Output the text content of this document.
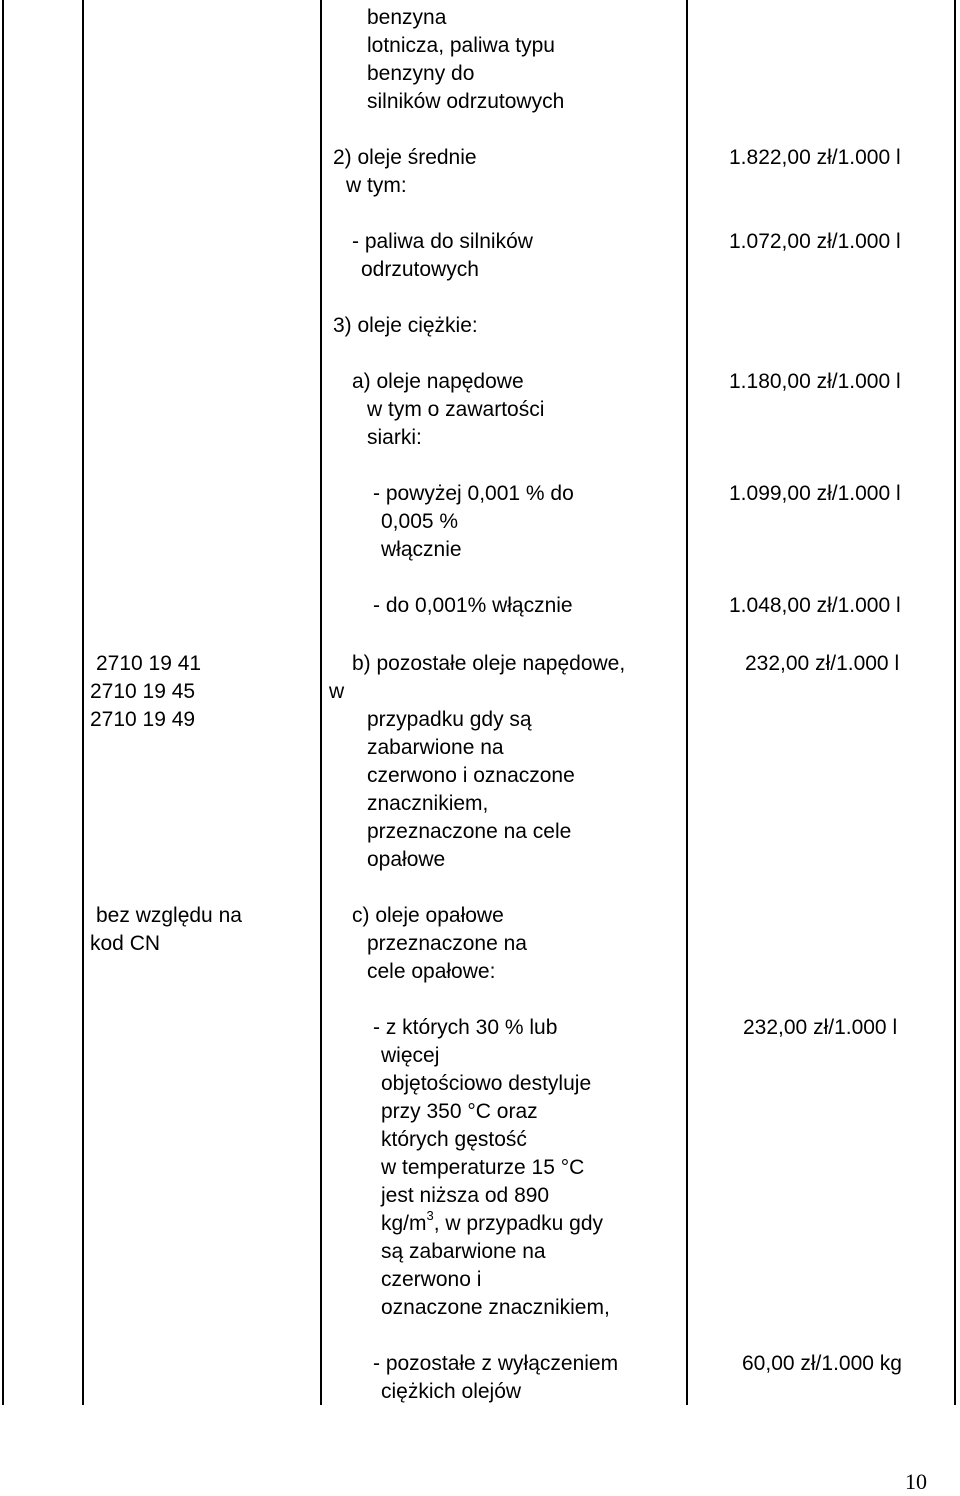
2710 19 41
2710 19 45
2710 19 49
bez względu na
kod CN
benzyna
lotnicza, paliwa typu
benzyny do
silników odrzutowych
2) oleje średnie
w tym:
- paliwa do silników
odrzutowych
3) oleje ciężkie:
a) oleje napędowe
w tym o zawartości
siarki:
- powyżej 0,001 % do
0,005 %
włącznie
- do 0,001% włącznie
b) pozostałe oleje napędowe,
w
przypadku gdy są
zabarwione na
czerwono i oznaczone
znacznikiem,
przeznaczone na cele
opałowe
c) oleje opałowe
przeznaczone na
cele opałowe:
- z których 30 % lub
więcej
objętościowo destyluje
przy 350 °C oraz
których gęstość
w temperaturze 15 °C
jest niższa od 890
$kg/m^3$, w przypadku gdy
są zabarwione na
czerwono i
oznaczone znacznikiem,
- pozostałe z wyłączeniem
ciężkich olejów
1.822,00 zł/1.000 l
1.072,00 zł/1.000 l
1.180,00 zł/1.000 l
1.099,00 zł/1.000 l
1.048,00 zł/1.000 l
232,00 zł/1.000 l
232,00 zł/1.000 l
60,00 zł/1.000 kg
10
